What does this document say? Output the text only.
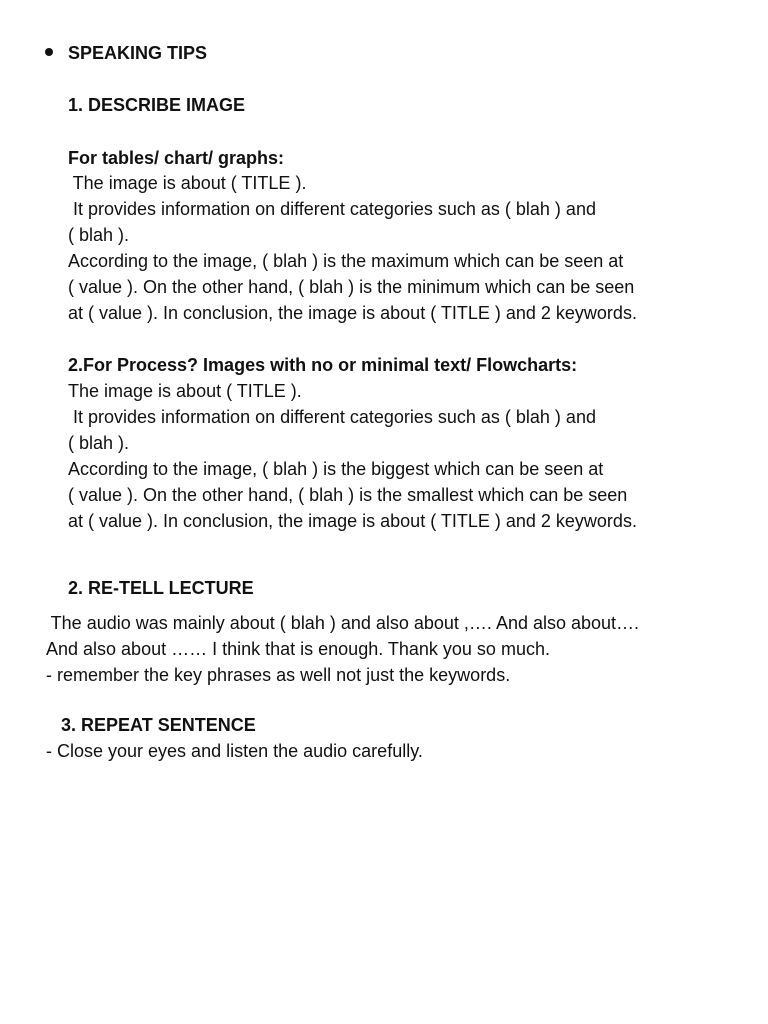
SPEAKING TIPS
1. DESCRIBE IMAGE
For tables/ chart/ graphs:
The image is about ( TITLE ).
It provides information on different categories such as ( blah ) and
( blah ).
According to the image, ( blah ) is the maximum which can be seen at
( value ). On the other hand, ( blah ) is the minimum which can be seen
at ( value ). In conclusion, the image is about ( TITLE ) and 2 keywords.
2.For Process? Images with no or minimal text/ Flowcharts:
The image is about ( TITLE ).
It provides information on different categories such as ( blah ) and
( blah ).
According to the image, ( blah ) is the biggest which can be seen at
( value ). On the other hand, ( blah ) is the smallest which can be seen
at ( value ). In conclusion, the image is about ( TITLE ) and 2 keywords.
2. RE-TELL LECTURE
The audio was mainly about ( blah ) and also about ,…. And also about….
And also about …… I think that is enough. Thank you so much.
- remember the key phrases as well not just the keywords.
3. REPEAT SENTENCE
- Close your eyes and listen the audio carefully.
